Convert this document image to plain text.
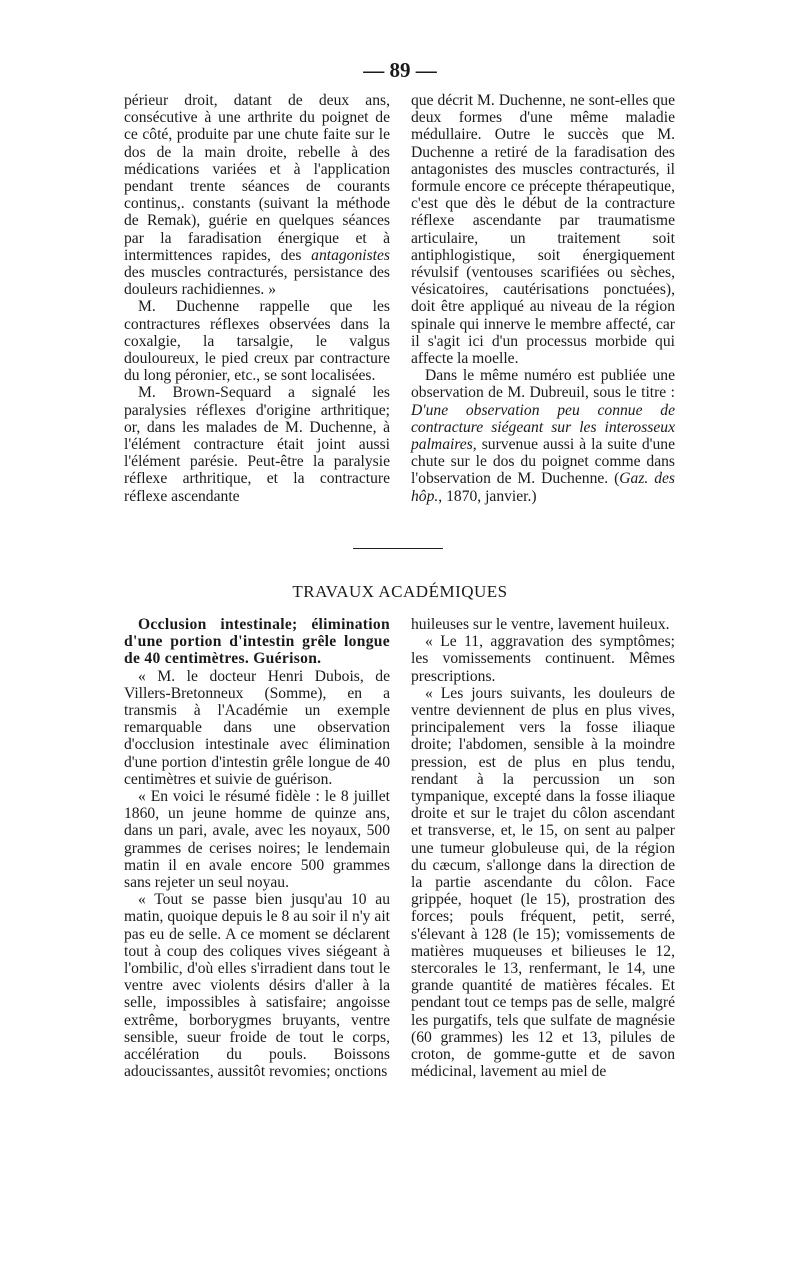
— 89 —

périeur droit, datant de deux ans, consécutive à une arthrite du poignet de ce côté, produite par une chute faite sur le dos de la main droite, rebelle à des médications variées et à l'application pendant trente séances de courants continus,. constants (suivant la méthode de Remak), guérie en quelques séances par la faradisation énergique et à intermittences rapides, des antagonistes des muscles contracturés, persistance des douleurs rachidiennes. »

M. Duchenne rappelle que les contractures réflexes observées dans la coxalgie, la tarsalgie, le valgus douloureux, le pied creux par contracture du long péronier, etc., se sont localisées.

M. Brown-Sequard a signalé les paralysies réflexes d'origine arthritique; or, dans les malades de M. Duchenne, à l'élément contracture était joint aussi l'élément parésie. Peut-être la paralysie réflexe arthritique, et la contracture réflexe ascendante

que décrit M. Duchenne, ne sont-elles que deux formes d'une même maladie médullaire. Outre le succès que M. Duchenne a retiré de la faradisation des antagonistes des muscles contracturés, il formule encore ce précepte thérapeutique, c'est que dès le début de la contracture réflexe ascendante par traumatisme articulaire, un traitement soit antiphlogistique, soit énergiquement révulsif (ventouses scarifiées ou sèches, vésicatoires, cautérisations ponctuées), doit être appliqué au niveau de la région spinale qui innerve le membre affecté, car il s'agit ici d'un processus morbide qui affecte la moelle.

Dans le même numéro est publiée une observation de M. Dubreuil, sous le titre : D'une observation peu connue de contracture siégeant sur les interosseux palmaires, survenue aussi à la suite d'une chute sur le dos du poignet comme dans l'observation de M. Duchenne. (Gaz. des hôp., 1870, janvier.)

TRAVAUX ACADÉMIQUES

Occlusion intestinale; élimination d'une portion d'intestin grêle longue de 40 centimètres. Guérison.

« M. le docteur Henri Dubois, de Villers-Bretonneux (Somme), en a transmis à l'Académie un exemple remarquable dans une observation d'occlusion intestinale avec élimination d'une portion d'intestin grêle longue de 40 centimètres et suivie de guérison.

« En voici le résumé fidèle : le 8 juillet 1860, un jeune homme de quinze ans, dans un pari, avale, avec les noyaux, 500 grammes de cerises noires; le lendemain matin il en avale encore 500 grammes sans rejeter un seul noyau.

« Tout se passe bien jusqu'au 10 au matin, quoique depuis le 8 au soir il n'y ait pas eu de selle. A ce moment se déclarent tout à coup des coliques vives siégeant à l'ombilic, d'où elles s'irradient dans tout le ventre avec violents désirs d'aller à la selle, impossibles à satisfaire; angoisse extrême, borborygmes bruyants, ventre sensible, sueur froide de tout le corps, accélération du pouls. Boissons adoucissantes, aussitôt revomies; onctions

huileuses sur le ventre, lavement huileux.

« Le 11, aggravation des symptômes; les vomissements continuent. Mêmes prescriptions.

« Les jours suivants, les douleurs de ventre deviennent de plus en plus vives, principalement vers la fosse iliaque droite; l'abdomen, sensible à la moindre pression, est de plus en plus tendu, rendant à la percussion un son tympanique, excepté dans la fosse iliaque droite et sur le trajet du côlon ascendant et transverse, et, le 15, on sent au palper une tumeur globuleuse qui, de la région du cæcum, s'allonge dans la direction de la partie ascendante du côlon. Face grippée, hoquet (le 15), prostration des forces; pouls fréquent, petit, serré, s'élevant à 128 (le 15); vomissements de matières muqueuses et bilieuses le 12, stercorales le 13, renfermant, le 14, une grande quantité de matières fécales. Et pendant tout ce temps pas de selle, malgré les purgatifs, tels que sulfate de magnésie (60 grammes) les 12 et 13, pilules de croton, de gomme-gutte et de savon médicinal, lavement au miel de
